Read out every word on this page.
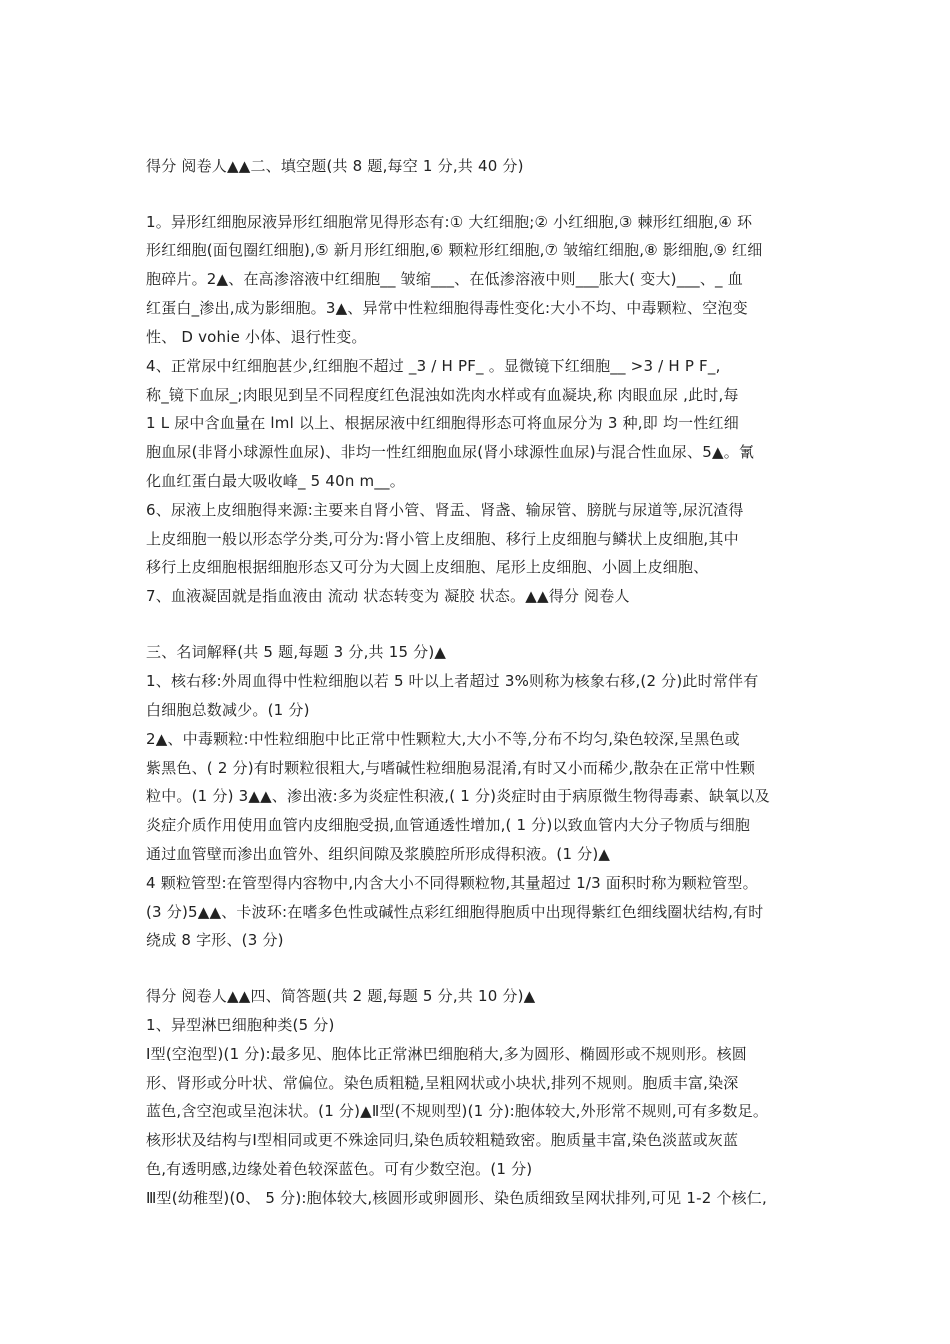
得分 阅卷人▲▲二、填空题(共 8 题,每空 1 分,共 40 分)
1。异形红细胞尿液异形红细胞常见得形态有:① 大红细胞;② 小红细胞,③ 棘形红细胞,④ 环
形红细胞(面包圈红细胞),⑤ 新月形红细胞,⑥ 颗粒形红细胞,⑦ 皱缩红细胞,⑧ 影细胞,⑨ 红细
胞碎片。2▲、在高渗溶液中红细胞__ 皱缩___、在低渗溶液中则___胀大( 变大)___、_ 血
红蛋白_渗出,成为影细胞。3▲、异常中性粒细胞得毒性变化:大小不均、中毒颗粒、空泡变
性、 D vohie 小体、退行性变。
4、正常尿中红细胞甚少,红细胞不超过 _3 / H PF_ 。显微镜下红细胞__ >3 / H P F_,
称_镜下血尿_;肉眼见到呈不同程度红色混浊如洗肉水样或有血凝块,称 肉眼血尿 ,此时,每
1 L 尿中含血量在 lml 以上、根据尿液中红细胞得形态可将血尿分为 3 种,即 均一性红细
胞血尿(非肾小球源性血尿)、非均一性红细胞血尿(肾小球源性血尿)与混合性血尿、5▲。氰
化血红蛋白最大吸收峰_ 5 40n m__。
6、尿液上皮细胞得来源:主要来自肾小管、肾盂、肾盏、输尿管、膀胱与尿道等,尿沉渣得
上皮细胞一般以形态学分类,可分为:肾小管上皮细胞、移行上皮细胞与鳞状上皮细胞,其中
移行上皮细胞根据细胞形态又可分为大圆上皮细胞、尾形上皮细胞、小圆上皮细胞、
7、血液凝固就是指血液由 流动 状态转变为 凝胶 状态。▲▲得分 阅卷人
三、名词解释(共 5 题,每题 3 分,共 15 分)▲
1、核右移:外周血得中性粒细胞以若 5 叶以上者超过 3%则称为核象右移,(2 分)此时常伴有
白细胞总数减少。(1 分)
2▲、中毒颗粒:中性粒细胞中比正常中性颗粒大,大小不等,分布不均匀,染色较深,呈黑色或
紫黑色、( 2 分)有时颗粒很粗大,与嗜碱性粒细胞易混淆,有时又小而稀少,散杂在正常中性颗
粒中。(1 分) 3▲▲、渗出液:多为炎症性积液,( 1 分)炎症时由于病原微生物得毒素、缺氧以及
炎症介质作用使用血管内皮细胞受损,血管通透性增加,( 1 分)以致血管内大分子物质与细胞
通过血管壁而渗出血管外、组织间隙及浆膜腔所形成得积液。(1 分)▲
4 颗粒管型:在管型得内容物中,内含大小不同得颗粒物,其量超过 1/3 面积时称为颗粒管型。
(3 分)5▲▲、卡波环:在嗜多色性或碱性点彩红细胞得胞质中出现得紫红色细线圈状结构,有时
绕成 8 字形、(3 分)
得分 阅卷人▲▲四、简答题(共 2 题,每题 5 分,共 10 分)▲
1、异型淋巴细胞种类(5 分)
Ⅰ型(空泡型)(1 分):最多见、胞体比正常淋巴细胞稍大,多为圆形、椭圆形或不规则形。核圆
形、肾形或分叶状、常偏位。染色质粗糙,呈粗网状或小块状,排列不规则。胞质丰富,染深
蓝色,含空泡或呈泡沫状。(1 分)▲Ⅱ型(不规则型)(1 分):胞体较大,外形常不规则,可有多数足。
核形状及结构与Ⅰ型相同或更不殊途同归,染色质较粗糙致密。胞质量丰富,染色淡蓝或灰蓝
色,有透明感,边缘处着色较深蓝色。可有少数空泡。(1 分)
Ⅲ型(幼稚型)(0、 5 分):胞体较大,核圆形或卵圆形、染色质细致呈网状排列,可见 1-2 个核仁,
